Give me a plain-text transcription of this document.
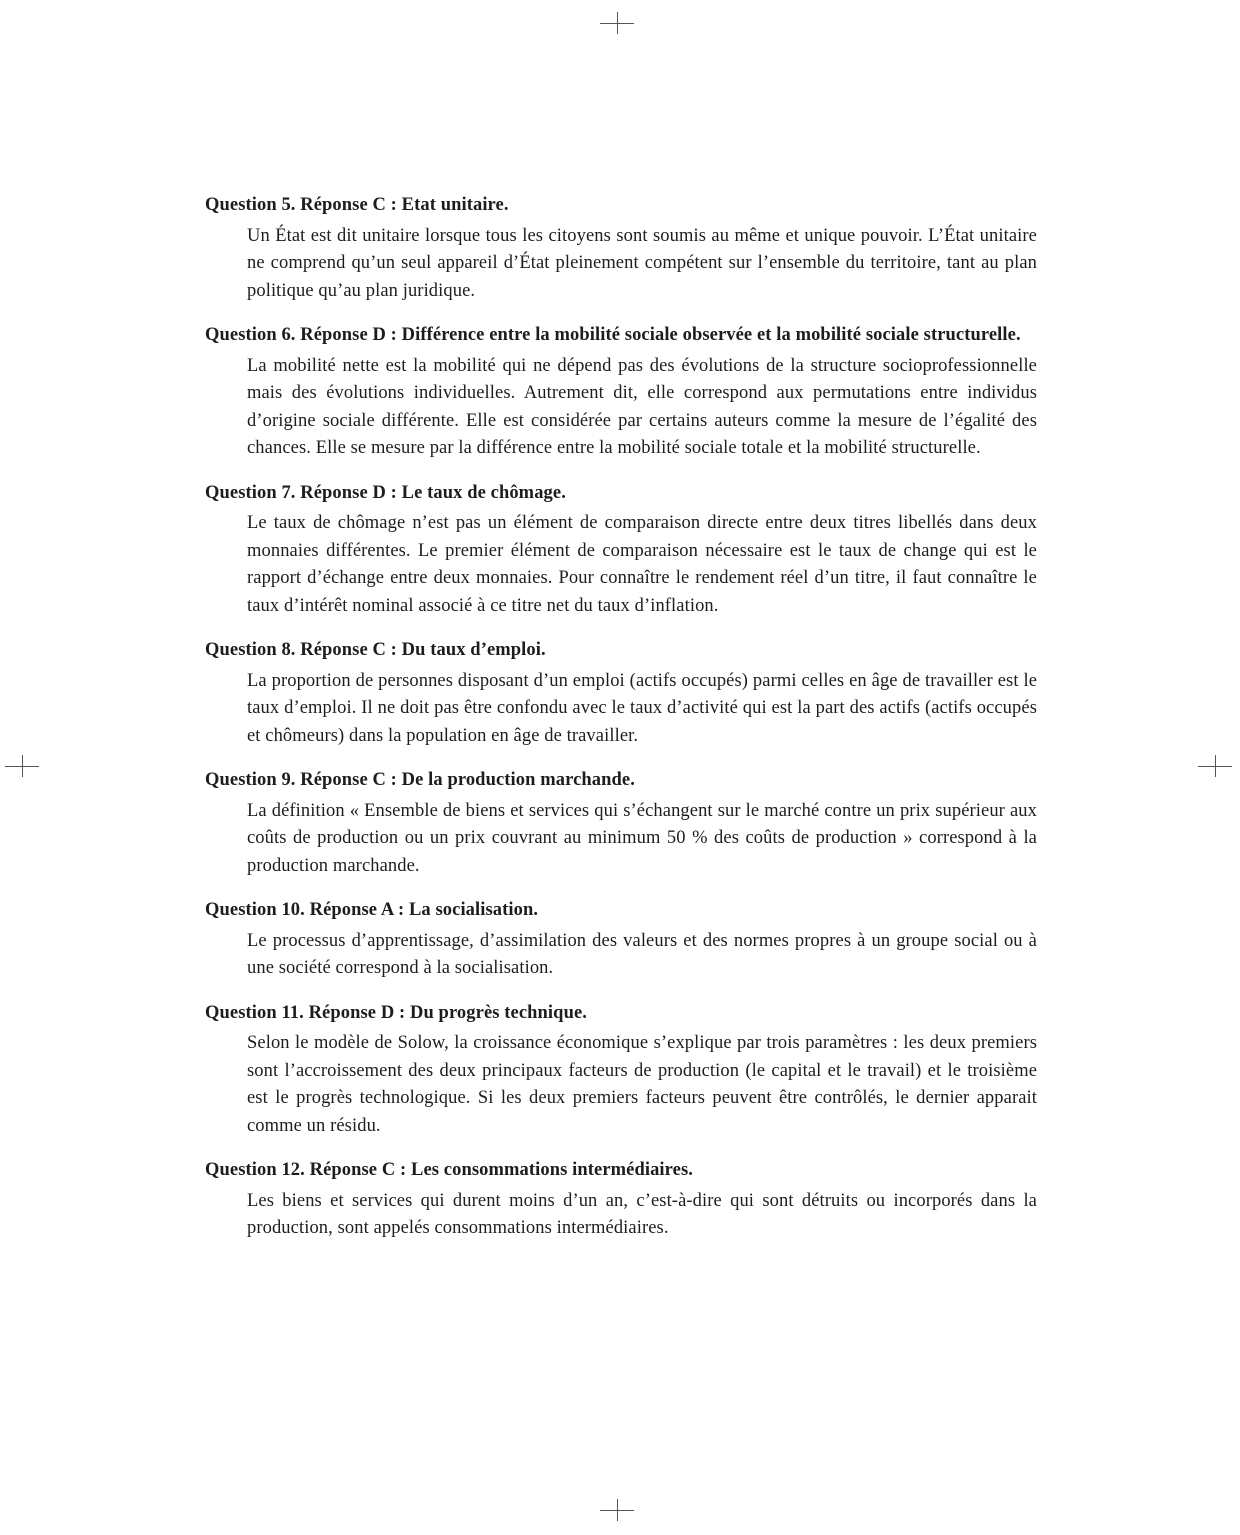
Question 5. Réponse C : Etat unitaire.
Un État est dit unitaire lorsque tous les citoyens sont soumis au même et unique pouvoir. L’État unitaire ne comprend qu’un seul appareil d’État pleinement compétent sur l’ensemble du territoire, tant au plan politique qu’au plan juridique.
Question 6. Réponse D : Différence entre la mobilité sociale observée et la mobilité sociale structurelle.
La mobilité nette est la mobilité qui ne dépend pas des évolutions de la structure socioprofessionnelle mais des évolutions individuelles. Autrement dit, elle correspond aux permutations entre individus d’origine sociale différente. Elle est considérée par certains auteurs comme la mesure de l’égalité des chances. Elle se mesure par la différence entre la mobilité sociale totale et la mobilité structurelle.
Question 7. Réponse D : Le taux de chômage.
Le taux de chômage n’est pas un élément de comparaison directe entre deux titres libellés dans deux monnaies différentes. Le premier élément de comparaison nécessaire est le taux de change qui est le rapport d’échange entre deux monnaies. Pour connaître le rendement réel d’un titre, il faut connaître le taux d’intérêt nominal associé à ce titre net du taux d’inflation.
Question 8. Réponse C : Du taux d’emploi.
La proportion de personnes disposant d’un emploi (actifs occupés) parmi celles en âge de travailler est le taux d’emploi. Il ne doit pas être confondu avec le taux d’activité qui est la part des actifs (actifs occupés et chômeurs) dans la population en âge de travailler.
Question 9. Réponse C : De la production marchande.
La définition « Ensemble de biens et services qui s’échangent sur le marché contre un prix supérieur aux coûts de production ou un prix couvrant au minimum 50 % des coûts de production » correspond à la production marchande.
Question 10. Réponse A : La socialisation.
Le processus d’apprentissage, d’assimilation des valeurs et des normes propres à un groupe social ou à une société correspond à la socialisation.
Question 11. Réponse D : Du progrès technique.
Selon le modèle de Solow, la croissance économique s’explique par trois paramètres : les deux premiers sont l’accroissement des deux principaux facteurs de production (le capital et le travail) et le troisième est le progrès technologique. Si les deux premiers facteurs peuvent être contrôlés, le dernier apparait comme un résidu.
Question 12. Réponse C : Les consommations intermédiaires.
Les biens et services qui durent moins d’un an, c’est-à-dire qui sont détruits ou incorporés dans la production, sont appelés consommations intermédiaires.
